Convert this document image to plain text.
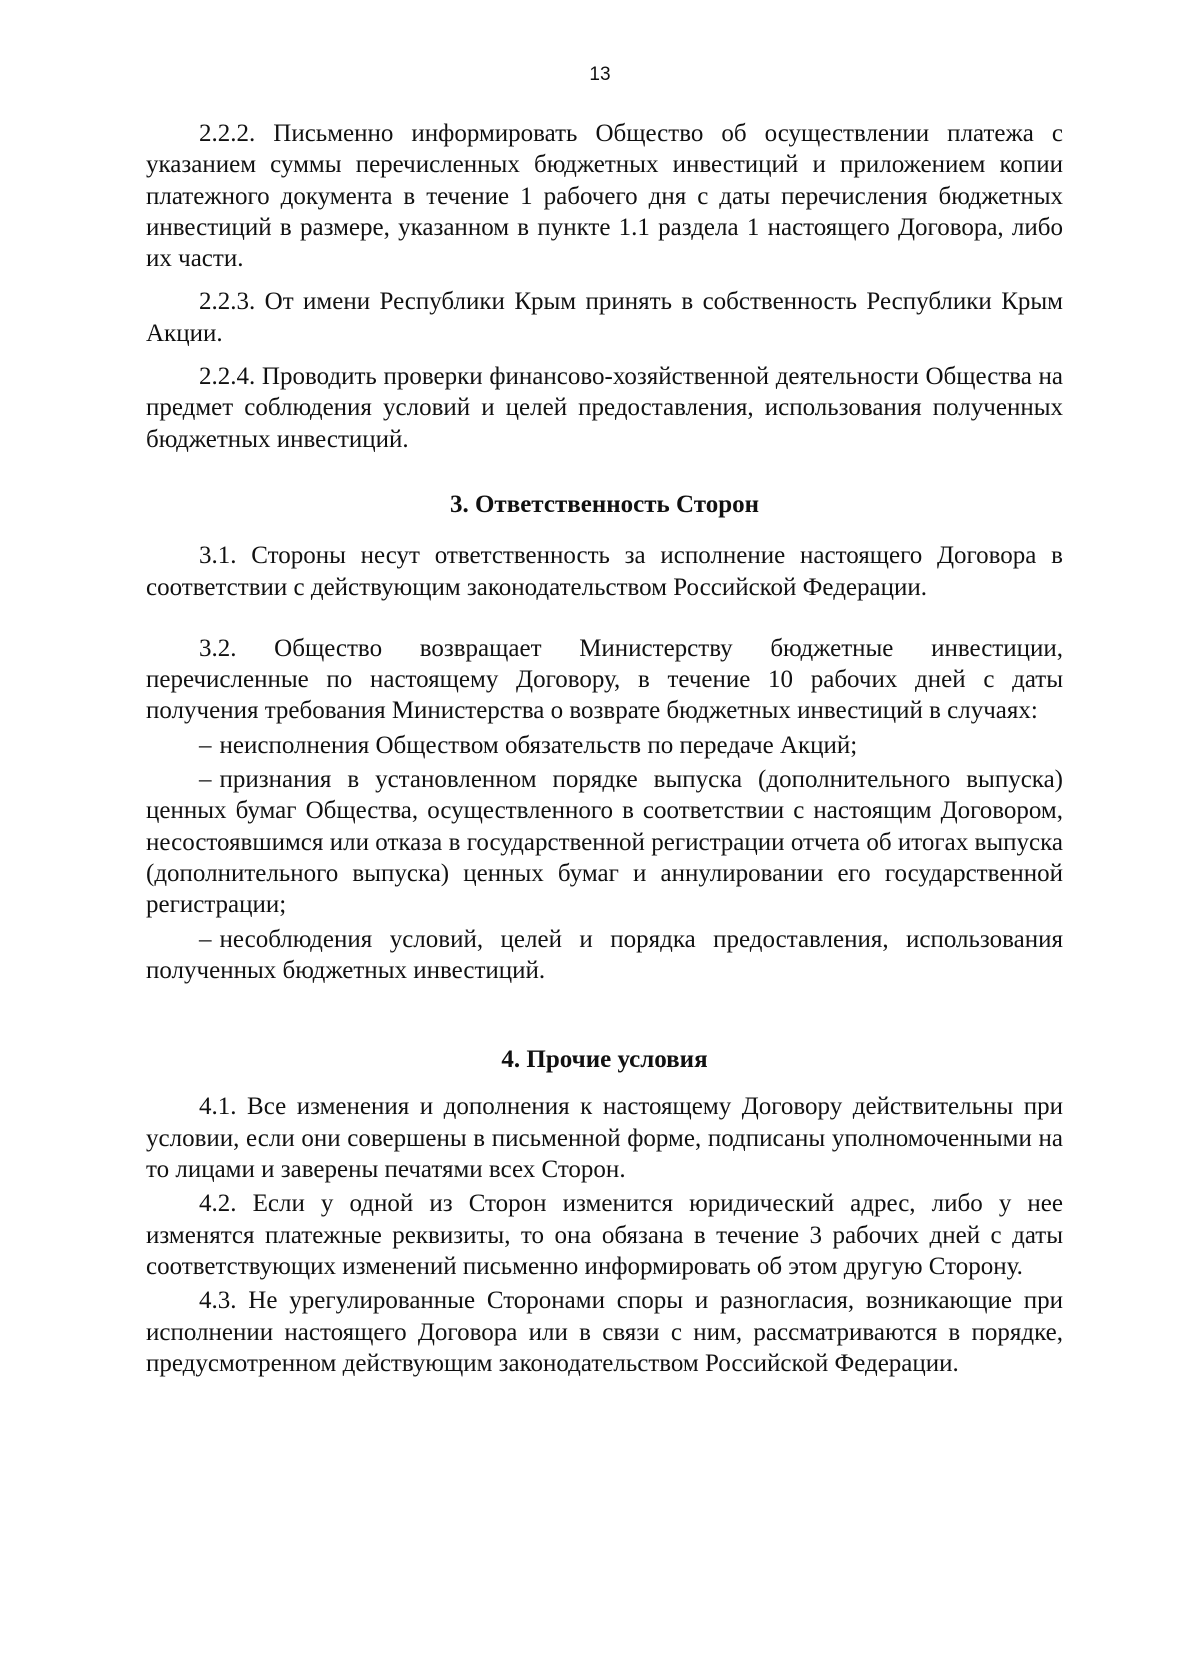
13

2.2.2. Письменно информировать Общество об осуществлении платежа с указанием суммы перечисленных бюджетных инвестиций и приложением копии платежного документа в течение 1 рабочего дня с даты перечисления бюджетных инвестиций в размере, указанном в пункте 1.1 раздела 1 настоящего Договора, либо их части.

2.2.3. От имени Республики Крым принять в собственность Республики Крым Акции.

2.2.4. Проводить проверки финансово-хозяйственной деятельности Общества на предмет соблюдения условий и целей предоставления, использования полученных бюджетных инвестиций.

3. Ответственность Сторон

3.1. Стороны несут ответственность за исполнение настоящего Договора в соответствии с действующим законодательством Российской Федерации.

3.2. Общество возвращает Министерству бюджетные инвестиции, перечисленные по настоящему Договору, в течение 10 рабочих дней с даты получения требования Министерства о возврате бюджетных инвестиций в случаях:

– неисполнения Обществом обязательств по передаче Акций;

– признания в установленном порядке выпуска (дополнительного выпуска) ценных бумаг Общества, осуществленного в соответствии с настоящим Договором, несостоявшимся или отказа в государственной регистрации отчета об итогах выпуска (дополнительного выпуска) ценных бумаг и аннулировании его государственной регистрации;

– несоблюдения условий, целей и порядка предоставления, использования полученных бюджетных инвестиций.

4. Прочие условия

4.1. Все изменения и дополнения к настоящему Договору действительны при условии, если они совершены в письменной форме, подписаны уполномоченными на то лицами и заверены печатями всех Сторон.

4.2. Если у одной из Сторон изменится юридический адрес, либо у нее изменятся платежные реквизиты, то она обязана в течение 3 рабочих дней с даты соответствующих изменений письменно информировать об этом другую Сторону.

4.3. Не урегулированные Сторонами споры и разногласия, возникающие при исполнении настоящего Договора или в связи с ним, рассматриваются в порядке, предусмотренном действующим законодательством Российской Федерации.
